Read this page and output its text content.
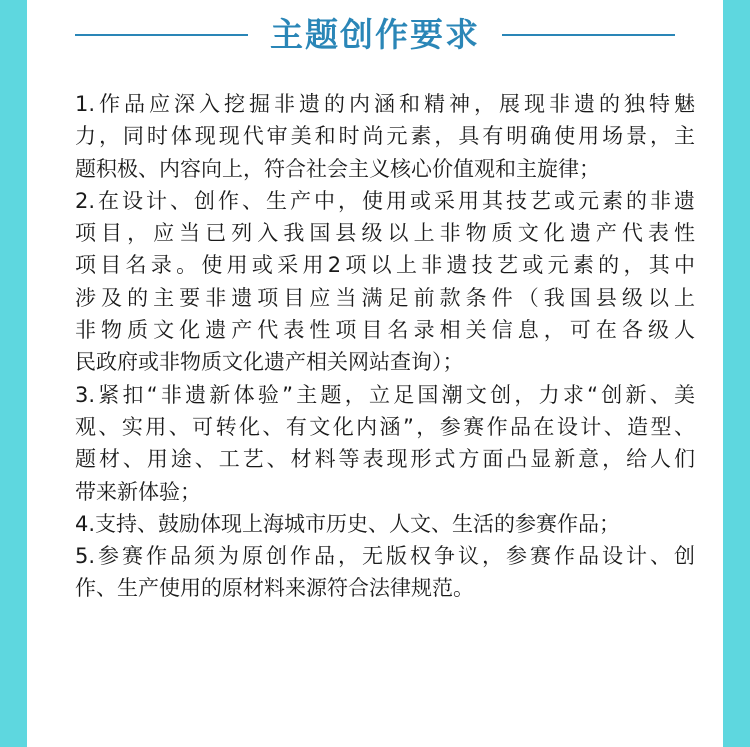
主题创作要求
1.作品应深入挖掘非遗的内涵和精神，展现非遗的独特魅
力，同时体现现代审美和时尚元素，具有明确使用场景，主
题积极、内容向上，符合社会主义核心价值观和主旋律；
2.在设计、创作、生产中，使用或采用其技艺或元素的非遗
项目，应当已列入我国县级以上非物质文化遗产代表性
项目名录。使用或采用2项以上非遗技艺或元素的，其中
涉及的主要非遗项目应当满足前款条件（我国县级以上
非物质文化遗产代表性项目名录相关信息，可在各级人
民政府或非物质文化遗产相关网站查询）；
3.紧扣“非遗新体验”主题，立足国潮文创，力求“创新、美
观、实用、可转化、有文化内涵”，参赛作品在设计、造型、
题材、用途、工艺、材料等表现形式方面凸显新意，给人们
带来新体验；
4.支持、鼓励体现上海城市历史、人文、生活的参赛作品；
5.参赛作品须为原创作品，无版权争议，参赛作品设计、创
作、生产使用的原材料来源符合法律规范。
